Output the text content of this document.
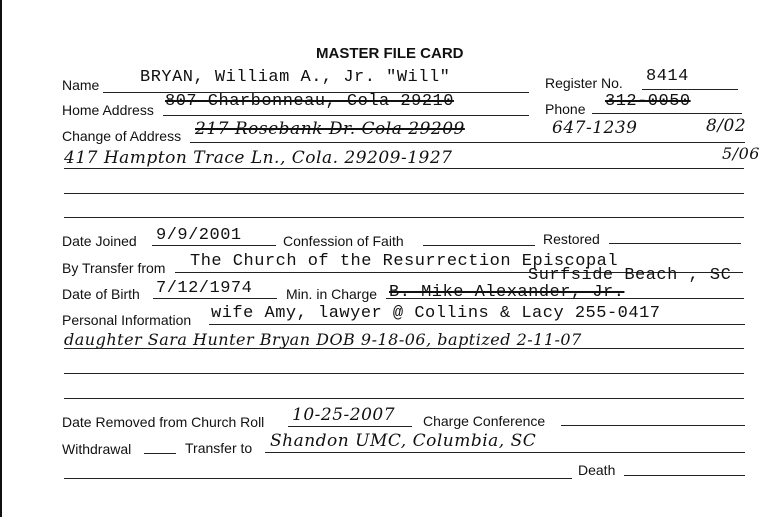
MASTER FILE CARD
Name BRYAN, William A., Jr. "Will"	Register No. 8414
Home Address 807 Charbonneau, Cola 29210	Phone 312-0050
Change of Address 217 Rosebank Dr. Cola 29209	647-1239	8/02
417 Hampton Trace Ln., Cola. 29209-1927	5/06
Date Joined 9/9/2001	Confession of Faith	Restored
By Transfer from The Church of the Resurrection Episcopal
Surfside Beach , SC
Date of Birth 7/12/1974 Min. in Charge B. Mike Alexander, Jr.
Personal Information wife Amy, lawyer @ Collins & Lacy 255-0417
daughter Sara Hunter Bryan DOB 9-18-06, baptized 2-11-07
Date Removed from Church Roll 10-25-2007 Charge Conference
Withdrawal	Transfer to Shandon UMC, Columbia, SC
Death
